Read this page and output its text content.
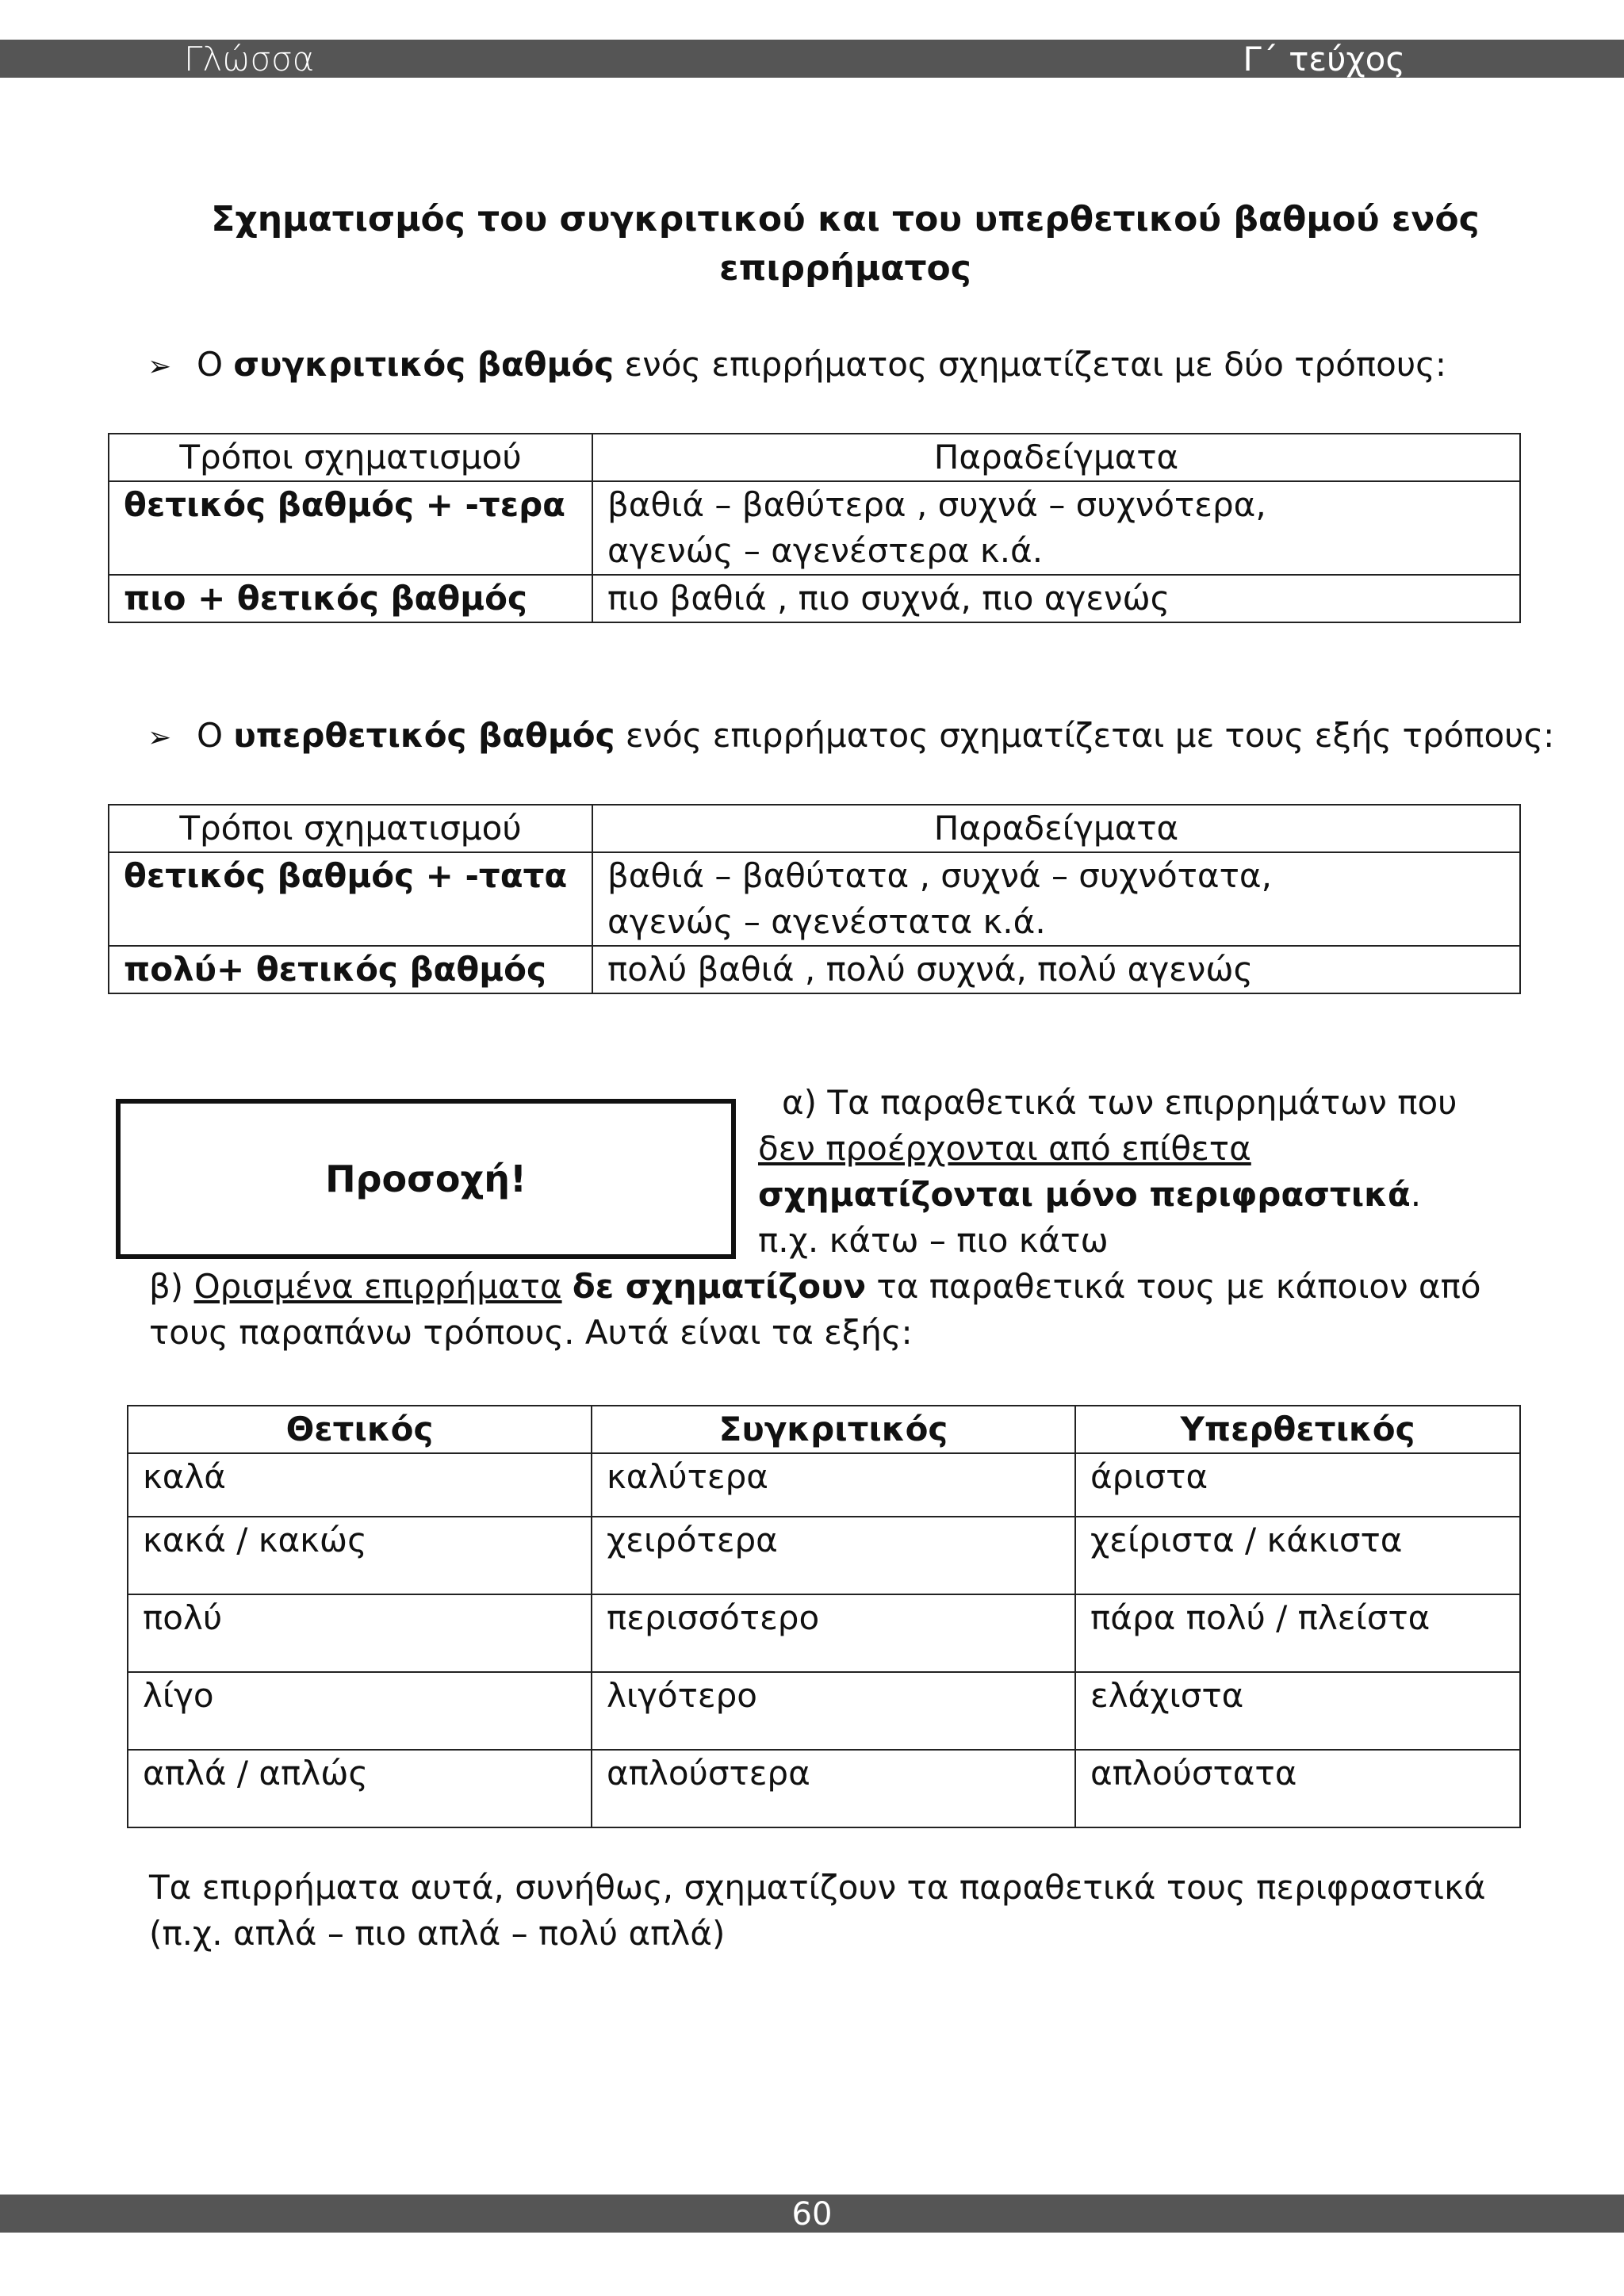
Γλώσσα	Γ΄ τεύχος
Σχηματισμός του συγκριτικού και του υπερθετικού βαθμού ενός επιρρήματος
➢ Ο συγκριτικός βαθμός ενός επιρρήματος σχηματίζεται με δύο τρόπους:
Τρόποι σχηματισμού	Παραδείγματα
θετικός βαθμός + -τερα	βαθιά – βαθύτερα , συχνά – συχνότερα,
αγενώς – αγενέστερα κ.ά.

πιο + θετικός βαθμός	πιο βαθιά , πιο συχνά, πιο αγενώς
➢ Ο υπερθετικός βαθμός ενός επιρρήματος σχηματίζεται με τους εξής τρόπους:
Τρόποι σχηματισμού	Παραδείγματα
θετικός βαθμός + -τατα	βαθιά – βαθύτατα , συχνά – συχνότατα,
αγενώς – αγενέστατα κ.ά.

πολύ+ θετικός βαθμός	πολύ βαθιά , πολύ συχνά, πολύ αγενώς
Προσοχή!
α) Τα παραθετικά των επιρρημάτων που δεν προέρχονται από επίθετα σχηματίζονται μόνο περιφραστικά.
π.χ. κάτω – πιο κάτω
β) Ορισμένα επιρρήματα δε σχηματίζουν τα παραθετικά τους με κάποιον από τους παραπάνω τρόπους. Αυτά είναι τα εξής:
Θετικός	Συγκριτικός	Υπερθετικός
καλά	καλύτερα	άριστα
κακά / κακώς	χειρότερα	χείριστα / κάκιστα
πολύ	περισσότερο	πάρα πολύ / πλείστα
λίγο	λιγότερο	ελάχιστα
απλά / απλώς	απλούστερα	απλούστατα
Τα επιρρήματα αυτά, συνήθως, σχηματίζουν τα παραθετικά τους περιφραστικά
(π.χ. απλά – πιο απλά – πολύ απλά)
60
